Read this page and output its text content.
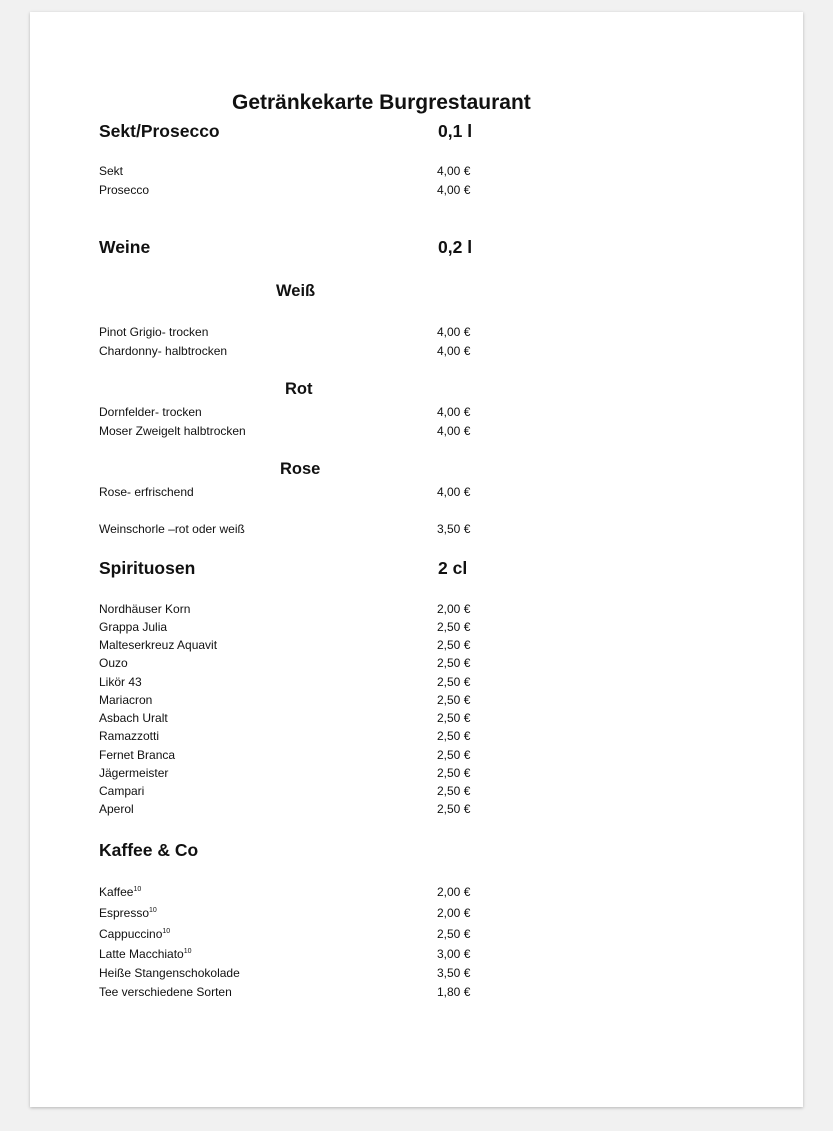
Getränkekarte Burgrestaurant
Sekt/Prosecco	0,1 l
Sekt	4,00 €
Prosecco	4,00 €
Weine	0,2 l
Weiß
Pinot Grigio- trocken	4,00 €
Chardonny- halbtrocken	4,00 €
Rot
Dornfelder- trocken	4,00 €
Moser Zweigelt halbtrocken	4,00 €
Rose
Rose- erfrischend	4,00 €
Weinschorle –rot oder weiß	3,50 €
Spirituosen	2 cl
Nordhäuser Korn	2,00 €
Grappa Julia	2,50 €
Malteserkreuz Aquavit	2,50 €
Ouzo	2,50 €
Likör 43	2,50 €
Mariacron	2,50 €
Asbach Uralt	2,50 €
Ramazzotti	2,50 €
Fernet Branca	2,50 €
Jägermeister	2,50 €
Campari	2,50 €
Aperol	2,50 €
Kaffee & Co
Kaffee$^{10}$	2,00 €
Espresso$^{10}$	2,00 €
Cappuccino$^{10}$	2,50 €
Latte Macchiato$^{10}$	3,00 €
Heiße Stangenschokolade	3,50 €
Tee verschiedene Sorten	1,80 €
